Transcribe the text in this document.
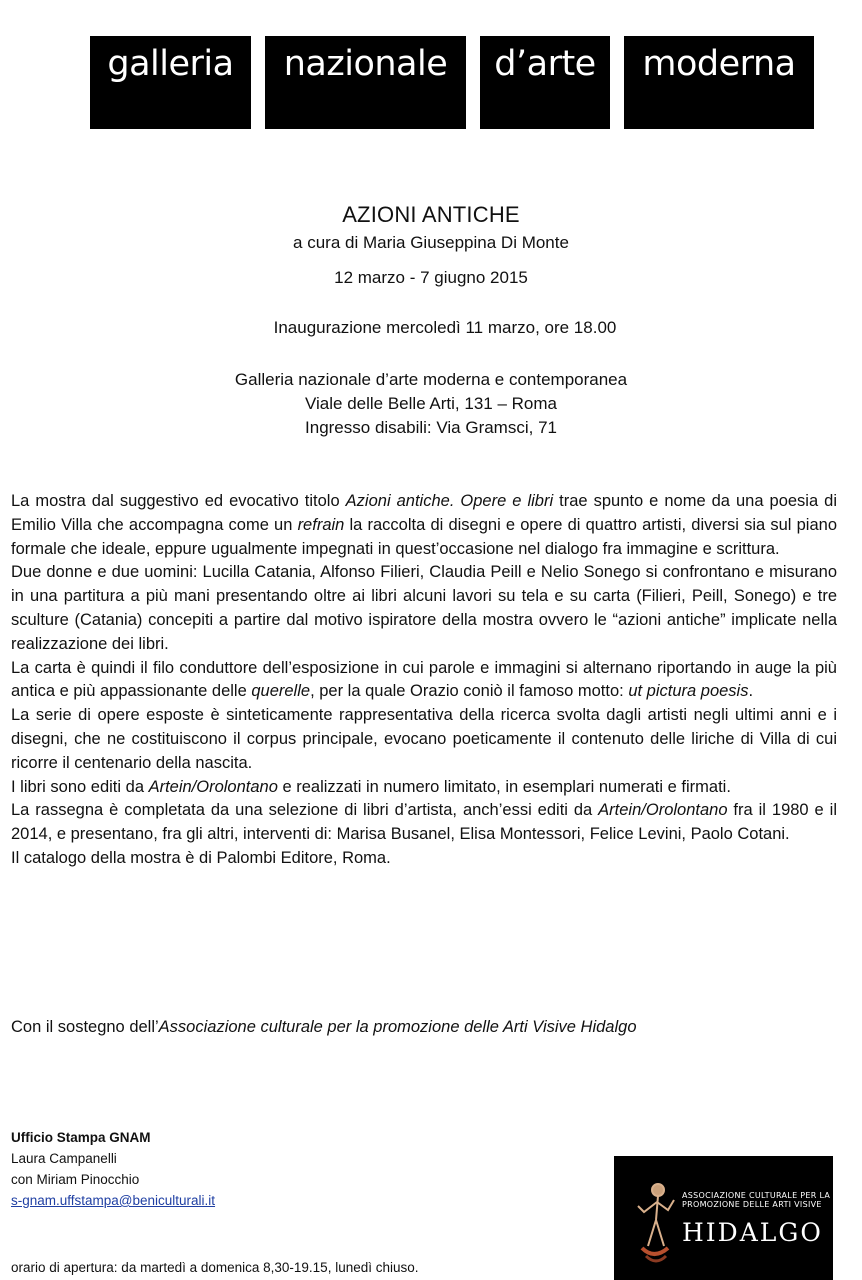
galleria nazionale d’arte moderna
AZIONI ANTICHE
a cura di Maria Giuseppina Di Monte
12 marzo - 7 giugno 2015
Inaugurazione mercoledì 11 marzo, ore 18.00
Galleria nazionale d’arte moderna e contemporanea
Viale delle Belle Arti, 131 – Roma
Ingresso disabili: Via Gramsci, 71

La mostra dal suggestivo ed evocativo titolo Azioni antiche. Opere e libri trae spunto e nome da una poesia di Emilio Villa che accompagna come un refrain la raccolta di disegni e opere di quattro artisti, diversi sia sul piano formale che ideale, eppure ugualmente impegnati in quest’occasione nel dialogo fra immagine e scrittura.

Due donne e due uomini: Lucilla Catania, Alfonso Filieri, Claudia Peill e Nelio Sonego si confrontano e misurano in una partitura a più mani presentando oltre ai libri alcuni lavori su tela e su carta (Filieri, Peill, Sonego) e tre sculture (Catania) concepiti a partire dal motivo ispiratore della mostra ovvero le “azioni antiche” implicate nella realizzazione dei libri.

La carta è quindi il filo conduttore dell’esposizione in cui parole e immagini si alternano riportando in auge la più antica e più appassionante delle querelle, per la quale Orazio coniò il famoso motto: ut pictura poesis.

La serie di opere esposte è sinteticamente rappresentativa della ricerca svolta dagli artisti negli ultimi anni e i disegni, che ne costituiscono il corpus principale, evocano poeticamente il contenuto delle liriche di Villa di cui ricorre il centenario della nascita.

I libri sono editi da Artein/Orolontano e realizzati in numero limitato, in esemplari numerati e firmati.

La rassegna è completata da una selezione di libri d’artista, anch’essi editi da Artein/Orolontano fra il 1980 e il 2014, e presentano, fra gli altri, interventi di: Marisa Busanel, Elisa Montessori, Felice Levini, Paolo Cotani.

Il catalogo della mostra è di Palombi Editore, Roma.

Con il sostegno dell’Associazione culturale per la promozione delle Arti Visive Hidalgo
Ufficio Stampa GNAM
Laura Campanelli
con Miriam Pinocchio
s-gnam.uffstampa@beniculturali.it
orario di apertura: da martedì a domenica 8,30-19.15, lunedì chiuso.
ASSOCIAZIONE CULTURALE PER LA PROMOZIONE DELLE ARTI VISIVE
HIDALGO
